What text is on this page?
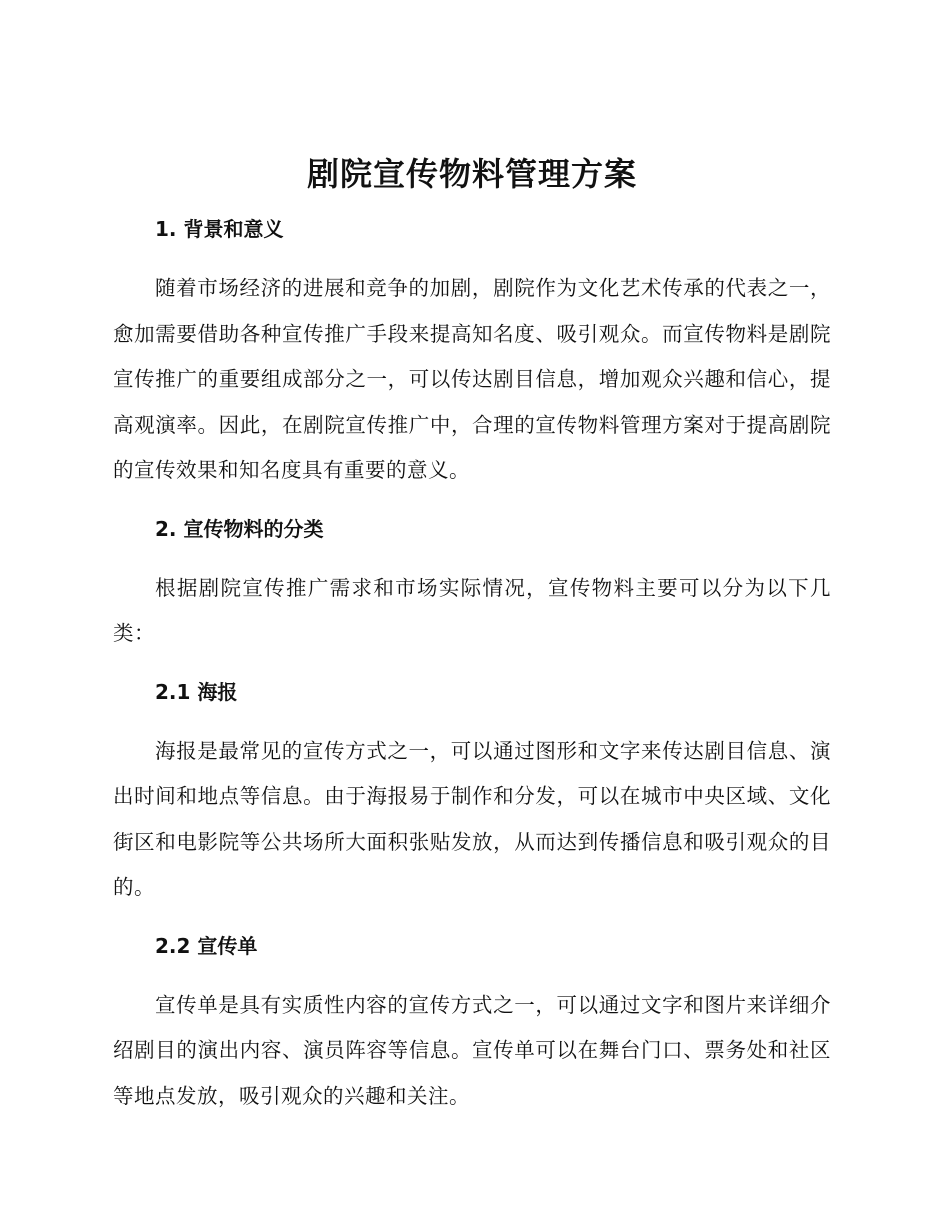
剧院宣传物料管理方案
1. 背景和意义

随着市场经济的进展和竞争的加剧，剧院作为文化艺术传承的代表之一，愈加需要借助各种宣传推广手段来提高知名度、吸引观众。而宣传物料是剧院宣传推广的重要组成部分之一，可以传达剧目信息，增加观众兴趣和信心，提高观演率。因此，在剧院宣传推广中，合理的宣传物料管理方案对于提高剧院的宣传效果和知名度具有重要的意义。

2. 宣传物料的分类

根据剧院宣传推广需求和市场实际情况，宣传物料主要可以分为以下几类：

2.1 海报

海报是最常见的宣传方式之一，可以通过图形和文字来传达剧目信息、演出时间和地点等信息。由于海报易于制作和分发，可以在城市中央区域、文化街区和电影院等公共场所大面积张贴发放，从而达到传播信息和吸引观众的目的。

2.2 宣传单

宣传单是具有实质性内容的宣传方式之一，可以通过文字和图片来详细介绍剧目的演出内容、演员阵容等信息。宣传单可以在舞台门口、票务处和社区等地点发放，吸引观众的兴趣和关注。
